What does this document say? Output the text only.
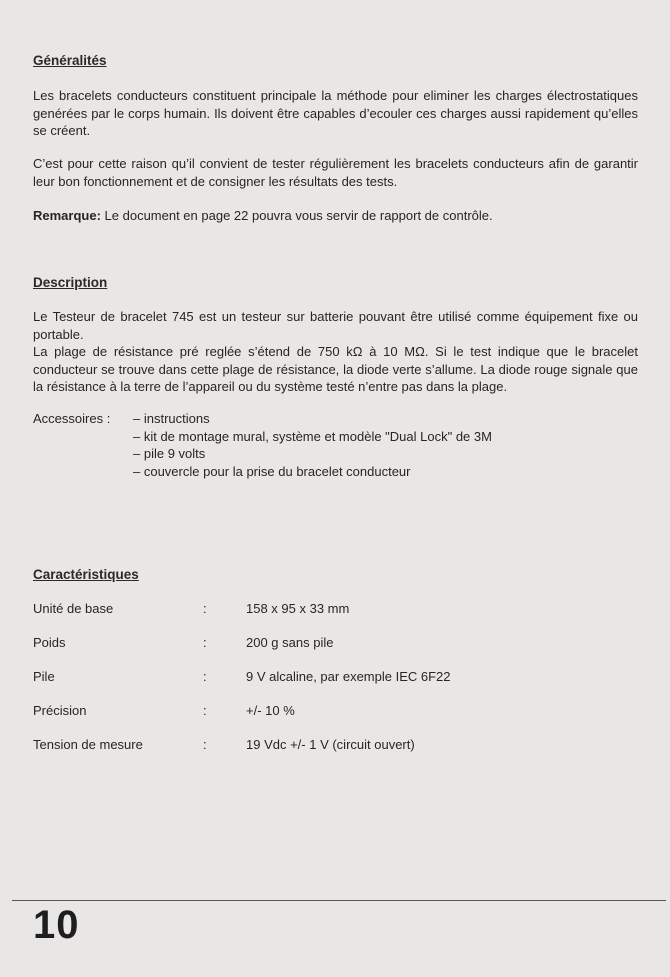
Généralités

Les bracelets conducteurs constituent principale la méthode pour eliminer les charges électrostatiques genérées par le corps humain. Ils doivent être capables d’ecouler ces charges aussi rapidement qu’elles se créent.

C’est pour cette raison qu’il convient de tester régulièrement les bracelets conducteurs afin de garantir leur bon fonctionnement et de consigner les résultats des tests.

Remarque: Le document en page 22 pouvra vous servir de rapport de contrôle.

Description

Le Testeur de bracelet 745 est un testeur sur batterie pouvant être utilisé comme équipement fixe ou portable.

La plage de résistance pré reglée s’étend de 750 kΩ à 10 MΩ. Si le test indique que le bracelet conducteur se trouve dans cette plage de résistance, la diode verte s’allume. La diode rouge signale que la résistance à la terre de l’appareil ou du système testé n’entre pas dans la plage.

Accessoires :
–	instructions
– kit de montage mural, système et modèle "Dual Lock" de 3M
– pile 9 volts
– couvercle pour la prise du bracelet conducteur
Caractéristiques
Unité de base	:	158 x 95 x 33 mm
Poids	:	200 g sans pile
Pile	:	9 V alcaline, par exemple IEC 6F22
Précision	:	+/- 10 %
Tension de mesure	:	19 Vdc +/- 1 V (circuit ouvert)
10
